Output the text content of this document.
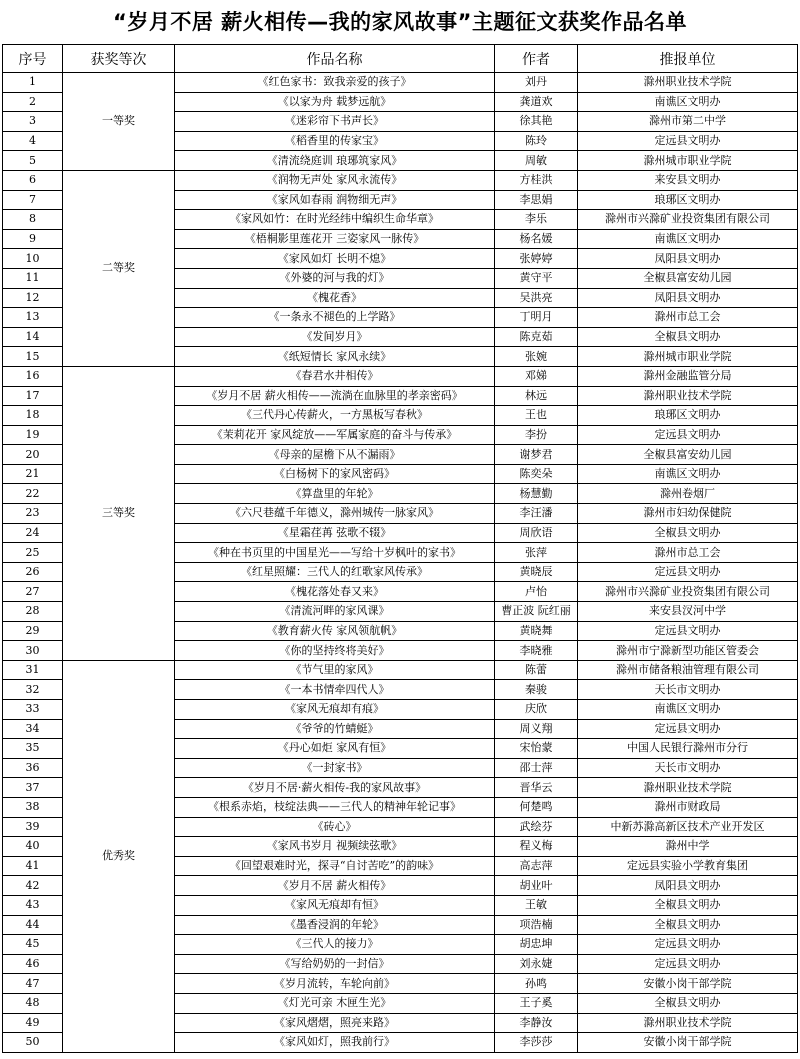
“岁月不居 薪火相传—我的家风故事”主题征文获奖作品名单
序号	获奖等次	作品名称	作者	推报单位
1	一等奖	《红色家书：致我亲爱的孩子》	刘丹	滁州职业技术学院
2		《以家为舟 载梦远航》	龚道欢	南谯区文明办
3		《迷彩帘下书声长》	徐其艳	滁州市第二中学
4		《稻香里的传家宝》	陈玲	定远县文明办
5		《清流绕庭训 琅琊筑家风》	周敏	滁州城市职业学院
6	二等奖	《润物无声处 家风永流传》	方桂洪	来安县文明办
7		《家风如春雨 润物细无声》	李思娟	琅琊区文明办
8		《家风如竹：在时光经纬中编织生命华章》	李乐	滁州市兴滁矿业投资集团有限公司
9		《梧桐影里莲花开 三姿家风一脉传》	杨名媛	南谯区文明办
10		《家风如灯 长明不熄》	张婷婷	凤阳县文明办
11		《外婆的河与我的灯》	黄守平	全椒县富安幼儿园
12		《槐花香》	吴洪亮	凤阳县文明办
13		《一条永不褪色的上学路》	丁明月	滁州市总工会
14		《发间岁月》	陈克茹	全椒县文明办
15		《纸短情长 家风永续》	张婉	滁州城市职业学院
16	三等奖	《春君水井相传》	邓娣	滁州金融监管分局
17		《岁月不居 薪火相传——流淌在血脉里的孝亲密码》	林远	滁州职业技术学院
18		《三代丹心传薪火，一方黑板写春秋》	王也	琅琊区文明办
19		《茉莉花开 家风绽放——军属家庭的奋斗与传承》	李扮	定远县文明办
20		《母亲的屋檐下从不漏雨》	谢梦君	全椒县富安幼儿园
21		《白杨树下的家风密码》	陈奕朵	南谯区文明办
22		《算盘里的年轮》	杨慧勤	滁州卷烟厂
23		《六尺巷蕴千年德义，滁州城传一脉家风》	李汪潘	滁州市妇幼保健院
24		《星霜荏苒 弦歌不辍》	周欣语	全椒县文明办
25		《种在书页里的中国星光——写给十岁枫叶的家书》	张萍	滁州市总工会
26		《红星照耀：三代人的红歌家风传承》	黄晓辰	定远县文明办
27		《槐花落处春又来》	卢怡	滁州市兴滁矿业投资集团有限公司
28		《清流河畔的家风课》	曹正波 阮红丽	来安县汊河中学
29		《教育薪火传 家风领航帆》	黄晓舞	定远县文明办
30		《你的坚持终将美好》	李晓雅	滁州市宁滁新型功能区管委会
31	优秀奖	《节气里的家风》	陈蕾	滁州市储备粮油管理有限公司
32		《一本书情牵四代人》	秦骏	天长市文明办
33		《家风无痕却有痕》	庆欣	南谯区文明办
34		《爷爷的竹蜻蜓》	周义翔	定远县文明办
35		《丹心如炬 家风有恒》	宋怡蒙	中国人民银行滁州市分行
36		《一封家书》	邵士萍	天长市文明办
37		《岁月不居·薪火相传-我的家风故事》	晋华云	滁州职业技术学院
38		《根系赤焰，枝绽法典——三代人的精神年轮记事》	何楚鸣	滁州市财政局
39		《砖心》	武绘芬	中新苏滁高新区技术产业开发区
40		《家风书岁月 视频续弦歌》	程义梅	滁州中学
41		《回望艰难时光，探寻“自讨苦吃”的韵味》	高志萍	定远县实验小学教育集团
42		《岁月不居 薪火相传》	胡业叶	凤阳县文明办
43		《家风无痕却有恒》	王敏	全椒县文明办
44		《墨香浸润的年轮》	项浩楠	全椒县文明办
45		《三代人的接力》	胡忠坤	定远县文明办
46		《写给奶奶的一封信》	刘永婕	定远县文明办
47		《岁月流转，车轮向前》	孙鸣	安徽小岗干部学院
48		《灯光可亲 木匣生光》	王子奚	全椒县文明办
49		《家风熠熠，照亮来路》	李静汝	滁州职业技术学院
50		《家风如灯，照我前行》	李莎莎	安徽小岗干部学院
